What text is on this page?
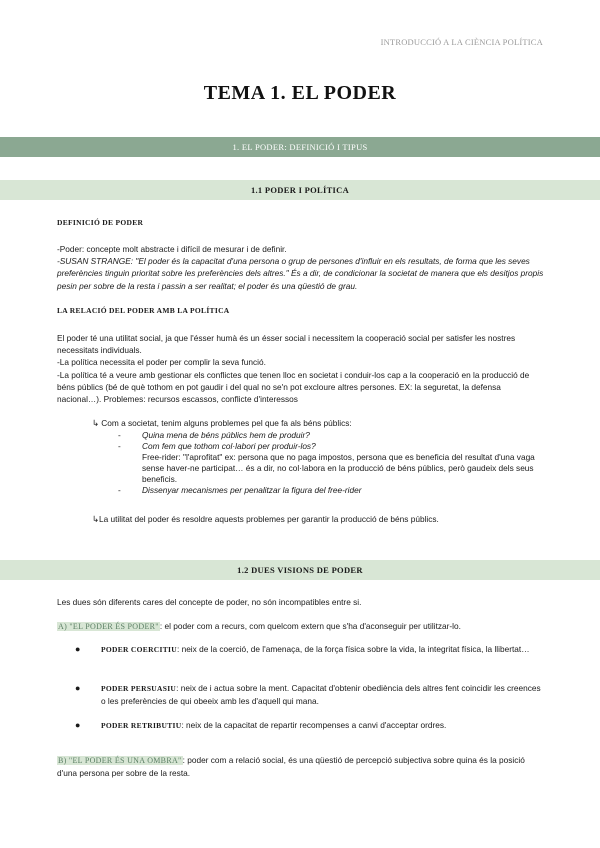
INTRODUCCIÓ A LA CIÈNCIA POLÍTICA
TEMA 1. EL PODER
1. EL PODER: DEFINICIÓ I TIPUS
1.1 PODER I POLÍTICA
DEFINICIÓ DE PODER
-Poder: concepte molt abstracte i difícil de mesurar i de definir.
-SUSAN STRANGE: "El poder és la capacitat d'una persona o grup de persones d'influir en els resultats, de forma que les seves preferències tinguin prioritat sobre les preferències dels altres." És a dir, de condicionar la societat de manera que els desitjos propis pesin per sobre de la resta i passin a ser realitat; el poder és una qüestió de grau.
LA RELACIÓ DEL PODER AMB LA POLÍTICA
El poder té una utilitat social, ja que l'ésser humà és un ésser social i necessitem la cooperació social per satisfer les nostres necessitats individuals.
-La política necessita el poder per complir la seva funció.
-La política té a veure amb gestionar els conflictes que tenen lloc en societat i conduir-los cap a la cooperació en la producció de béns públics (bé de què tothom en pot gaudir i del qual no se'n pot excloure altres persones. EX: la seguretat, la defensa nacional…). Problemes: recursos escassos, conflicte d'interessos
↳ Com a societat, tenim alguns problemes pel que fa als béns públics:
-	Quina mena de béns públics hem de produir?
-	Com fem que tothom col·labori per produir-los?
Free-rider: "l'aprofitat" ex: persona que no paga impostos, persona que es beneficia del resultat d'una vaga sense haver-ne participat… és a dir, no col·labora en la producció de béns públics, però gaudeix dels seus beneficis.
-	Dissenyar mecanismes per penalitzar la figura del free-rider
↳La utilitat del poder és resoldre aquests problemes per garantir la producció de béns públics.
1.2 DUES VISIONS DE PODER
Les dues són diferents cares del concepte de poder, no són incompatibles entre si.
A) "EL PODER ÉS PODER": el poder com a recurs, com quelcom extern que s'ha d'aconseguir per utilitzar-lo.
●	PODER COERCITIU: neix de la coerció, de l'amenaça, de la força física sobre la vida, la integritat física, la llibertat…
●	PODER PERSUASIU: neix de i actua sobre la ment. Capacitat d'obtenir obediència dels altres fent coincidir les creences o les preferències de qui obeeix amb les d'aquell qui mana.
●	PODER RETRIBUTIU: neix de la capacitat de repartir recompenses a canvi d'acceptar ordres.
B) "EL PODER ÉS UNA OMBRA": poder com a relació social, és una qüestió de percepció subjectiva sobre quina és la posició d'una persona per sobre de la resta.
